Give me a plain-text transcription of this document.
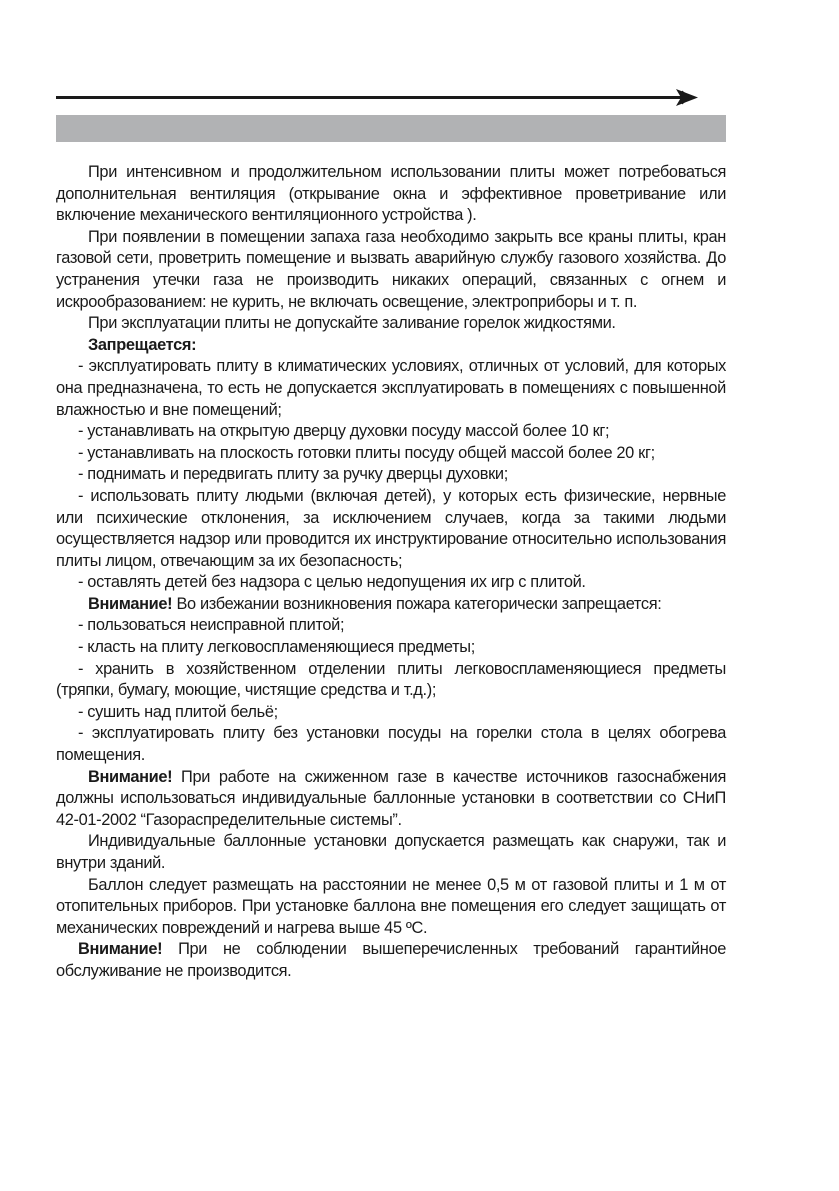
При интенсивном и продолжительном использовании плиты может потребоваться дополнительная вентиляция (открывание окна и эффективное проветривание или включение механического вентиляционного устройства ).

При появлении в помещении запаха газа необходимо закрыть все краны плиты, кран газовой сети, проветрить помещение и вызвать аварийную службу газового хозяйства. До устранения утечки газа не производить никаких операций, связанных с огнем и искрообразованием: не курить, не включать освещение, электроприборы и т. п.

При эксплуатации плиты не допускайте заливание горелок жидкостями.

Запрещается:

- эксплуатировать плиту в климатических условиях, отличных от условий, для которых она предназначена, то есть не допускается эксплуатировать в помещениях с повышенной влажностью и вне помещений;

- устанавливать на открытую дверцу духовки посуду массой более 10 кг;

- устанавливать на плоскость готовки плиты посуду общей массой более 20 кг;

- поднимать и передвигать плиту за ручку дверцы духовки;

- использовать плиту людьми (включая детей), у которых есть физические, нервные или психические отклонения, за исключением случаев, когда за такими людьми осуществляется надзор или проводится их инструктирование относительно использования плиты лицом, отвечающим за их безопасность;

- оставлять детей без надзора с целью недопущения их игр с плитой.

Внимание! Во избежании возникновения пожара категорически запрещается:

- пользоваться неисправной плитой;

- класть на плиту легковоспламеняющиеся предметы;

- хранить в хозяйственном отделении плиты легковоспламеняющиеся предметы (тряпки, бумагу, моющие, чистящие средства и т.д.);

- сушить над плитой бельё;

- эксплуатировать плиту без установки посуды на горелки стола в целях обогрева помещения.

Внимание! При работе на сжиженном газе в качестве источников газоснабжения должны использоваться индивидуальные баллонные установки в соответствии со СНиП 42-01-2002 “Газораспределительные системы”.

Индивидуальные баллонные установки допускается размещать как снаружи, так и внутри зданий.

Баллон следует размещать на расстоянии не менее 0,5 м от газовой плиты и 1 м от отопительных приборов. При установке баллона вне помещения его следует защищать от механических повреждений и нагрева выше 45 ºС.

Внимание! При не соблюдении вышеперечисленных требований гарантийное обслуживание не производится.
